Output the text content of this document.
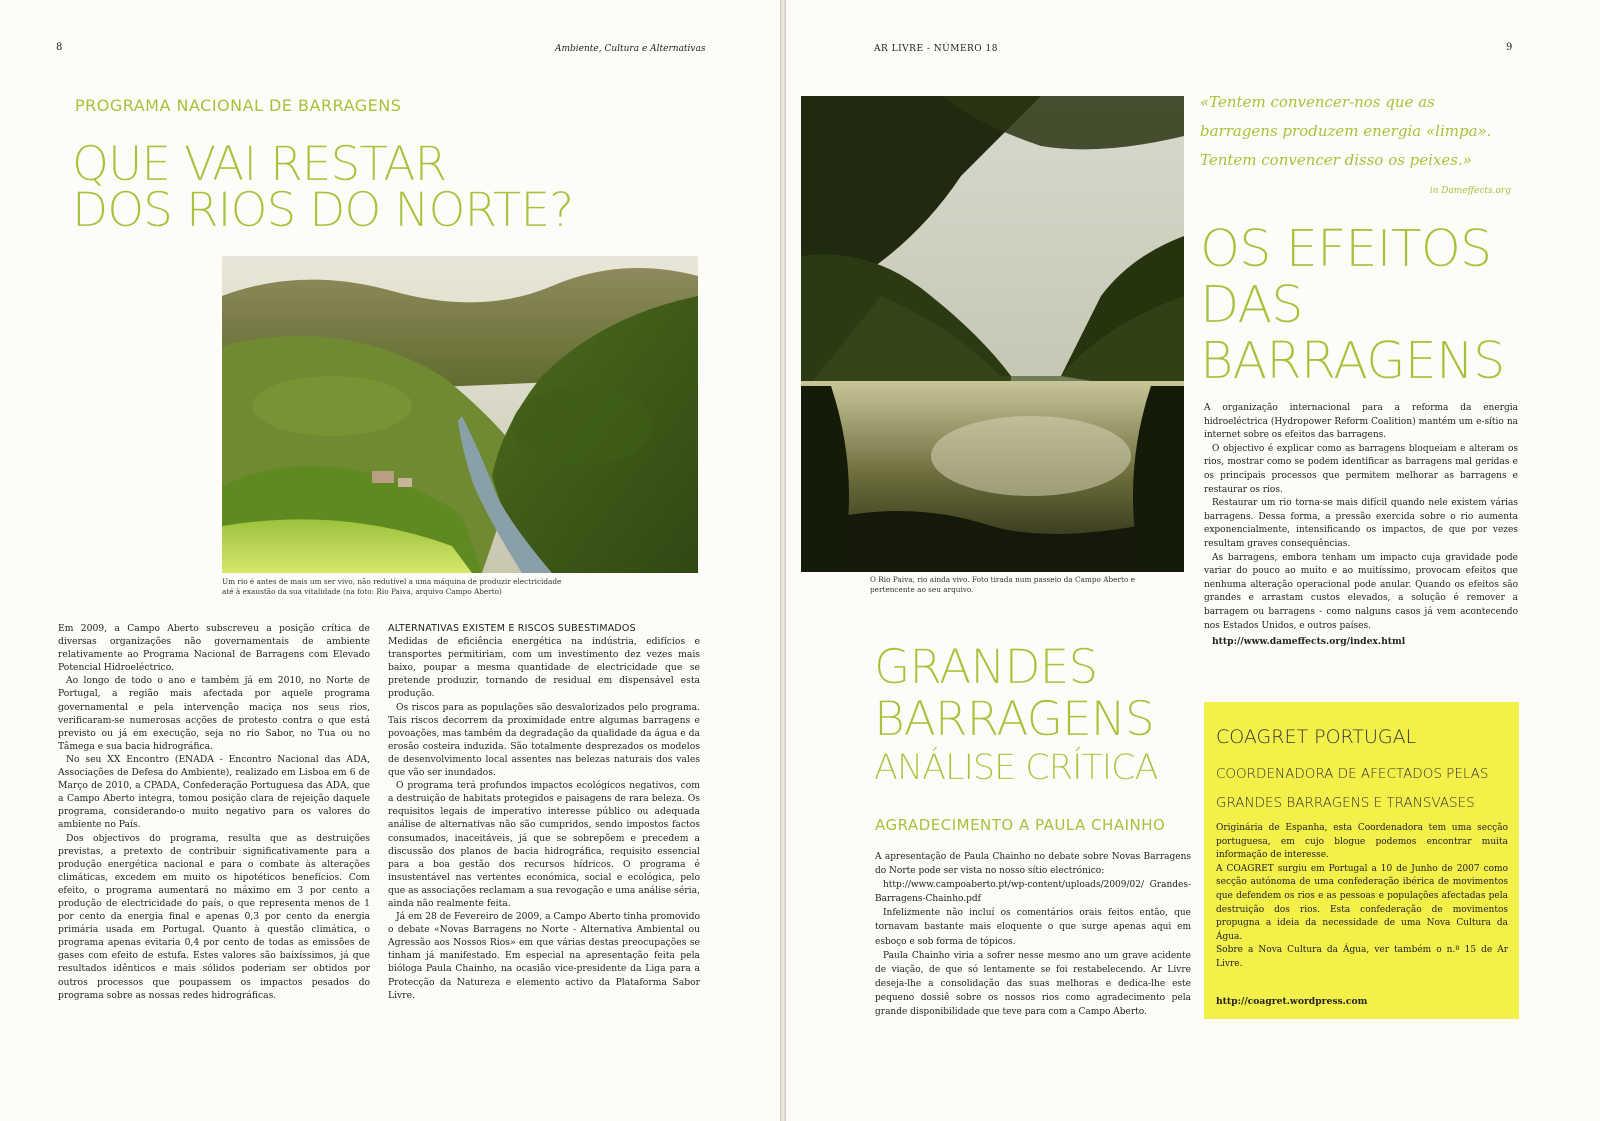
8	Ambiente, Cultura e Alternativas
PROGRAMA NACIONAL DE BARRAGENS
QUE VAI RESTAR
DOS RIOS DO NORTE?
Um rio é antes de mais um ser vivo, não redutível a uma máquina de produzir electricidade
até à exaustão da sua vitalidade (na foto: Rio Paiva, arquivo Campo Aberto)

Em 2009, a Campo Aberto subscreveu a posição crítica de diversas organizações não governamentais de ambiente relativamente ao Programa Nacional de Barragens com Elevado Potencial Hidroeléctrico.

Ao longo de todo o ano e também já em 2010, no Norte de Portugal, a região mais afectada por aquele programa governamental e pela intervenção maciça nos seus rios, verificaram-se numerosas acções de protesto contra o que está previsto ou já em execução, seja no rio Sabor, no Tua ou no Tâmega e sua bacia hidrográfica.

No seu XX Encontro (ENADA - Encontro Nacional das ADA, Associações de Defesa do Ambiente), realizado em Lisboa em 6 de Março de 2010, a CPADA, Confederação Portuguesa das ADA, que a Campo Aberto integra, tomou posição clara de rejeição daquele programa, considerando-o muito negativo para os valores do ambiente no País.

Dos objectivos do programa, resulta que as destruições previstas, a pretexto de contribuir significativamente para a produção energética nacional e para o combate às alterações climáticas, excedem em muito os hipotéticos benefícios. Com efeito, o programa aumentará no máximo em 3 por cento a produção de electricidade do país, o que representa menos de 1 por cento da energia final e apenas 0,3 por cento da energia primária usada em Portugal. Quanto à questão climática, o programa apenas evitaria 0,4 por cento de todas as emissões de gases com efeito de estufa. Estes valores são baixíssimos, já que resultados idênticos e mais sólidos poderiam ser obtidos por outros processos que poupassem os impactos pesados do programa sobre as nossas redes hidrográficas.

ALTERNATIVAS EXISTEM E RISCOS SUBESTIMADOS

Medidas de eficiência energética na indústria, edifícios e transportes permitiriam, com um investimento dez vezes mais baixo, poupar a mesma quantidade de electricidade que se pretende produzir, tornando de residual em dispensável esta produção.

Os riscos para as populações são desvalorizados pelo programa. Tais riscos decorrem da proximidade entre algumas barragens e povoações, mas também da degradação da qualidade da água e da erosão costeira induzida. São totalmente desprezados os modelos de desenvolvimento local assentes nas belezas naturais dos vales que vão ser inundados.

O programa terá profundos impactos ecológicos negativos, com a destruição de habitats protegidos e paisagens de rara beleza. Os requisitos legais de imperativo interesse público ou adequada análise de alternativas não são cumpridos, sendo impostos factos consumados, inaceitáveis, já que se sobrepõem e precedem a discussão dos planos de bacia hidrográfica, requisito essencial para a boa gestão dos recursos hídricos. O programa é insustentável nas vertentes económica, social e ecológica, pelo que as associações reclamam a sua revogação e uma análise séria, ainda não realmente feita.

Já em 28 de Fevereiro de 2009, a Campo Aberto tinha promovido o debate «Novas Barragens no Norte - Alternativa Ambiental ou Agressão aos Nossos Rios» em que várias destas preocupações se tinham já manifestado. Em especial na apresentação feita pela bióloga Paula Chainho, na ocasião vice-presidente da Liga para a Protecção da Natureza e elemento activo da Plataforma Sabor Livre.

AR LIVRE - NÚMERO 18	9
O Rio Paiva, rio ainda vivo. Foto tirada num passeio da Campo Aberto e
pertencente ao seu arquivo.
«Tentem convencer-nos que as
barragens produzem energia «limpa».
Tentem convencer disso os peixes.»
in Dameffects.org
OS EFEITOS
DAS
BARRAGENS

A organização internacional para a reforma da energia hidroeléctrica (Hydropower Reform Coalition) mantém um e-sítio na internet sobre os efeitos das barragens.

O objectivo é explicar como as barragens bloqueiam e alteram os rios, mostrar como se podem identificar as barragens mal geridas e os principais processos que permitem melhorar as barragens e restaurar os rios.

Restaurar um rio torna-se mais difícil quando nele existem várias barragens. Dessa forma, a pressão exercida sobre o rio aumenta exponencialmente, intensificando os impactos, de que por vezes resultam graves consequências.

As barragens, embora tenham um impacto cuja gravidade pode variar do pouco ao muito e ao muitíssimo, provocam efeitos que nenhuma alteração operacional pode anular. Quando os efeitos são grandes e arrastam custos elevados, a solução é remover a barragem ou barragens - como nalguns casos já vem acontecendo nos Estados Unidos, e outros países.

http://www.dameffects.org/index.html
GRANDES
BARRAGENS
ANÁLISE CRÍTICA
AGRADECIMENTO A PAULA CHAINHO

A apresentação de Paula Chainho no debate sobre Novas Barragens do Norte pode ser vista no nosso sítio electrónico:

http://www.campoaberto.pt/wp-content/uploads/2009/02/ Grandes-Barragens-Chainho.pdf

Infelizmente não incluí os comentários orais feitos então, que tornavam bastante mais eloquente o que surge apenas aqui em esboço e sob forma de tópicos.

Paula Chainho viria a sofrer nesse mesmo ano um grave acidente de viação, de que só lentamente se foi restabelecendo. Ar Livre deseja-lhe a consolidação das suas melhoras e dedica-lhe este pequeno dossiê sobre os nossos rios como agradecimento pela grande disponibilidade que teve para com a Campo Aberto.

COAGRET PORTUGAL
COORDENADORA DE AFECTADOS PELAS
GRANDES BARRAGENS E TRANSVASES

Originária de Espanha, esta Coordenadora tem uma secção portuguesa, em cujo blogue podemos encontrar muita informação de interesse.

A COAGRET surgiu em Portugal a 10 de Junho de 2007 como secção autónoma de uma confederação ibérica de movimentos que defendem os rios e as pessoas e populações afectadas pela destruição dos rios. Esta confederação de movimentos propugna a ideia da necessidade de uma Nova Cultura da Água.

Sobre a Nova Cultura da Água, ver também o n.º 15 de Ar Livre.

http://coagret.wordpress.com
